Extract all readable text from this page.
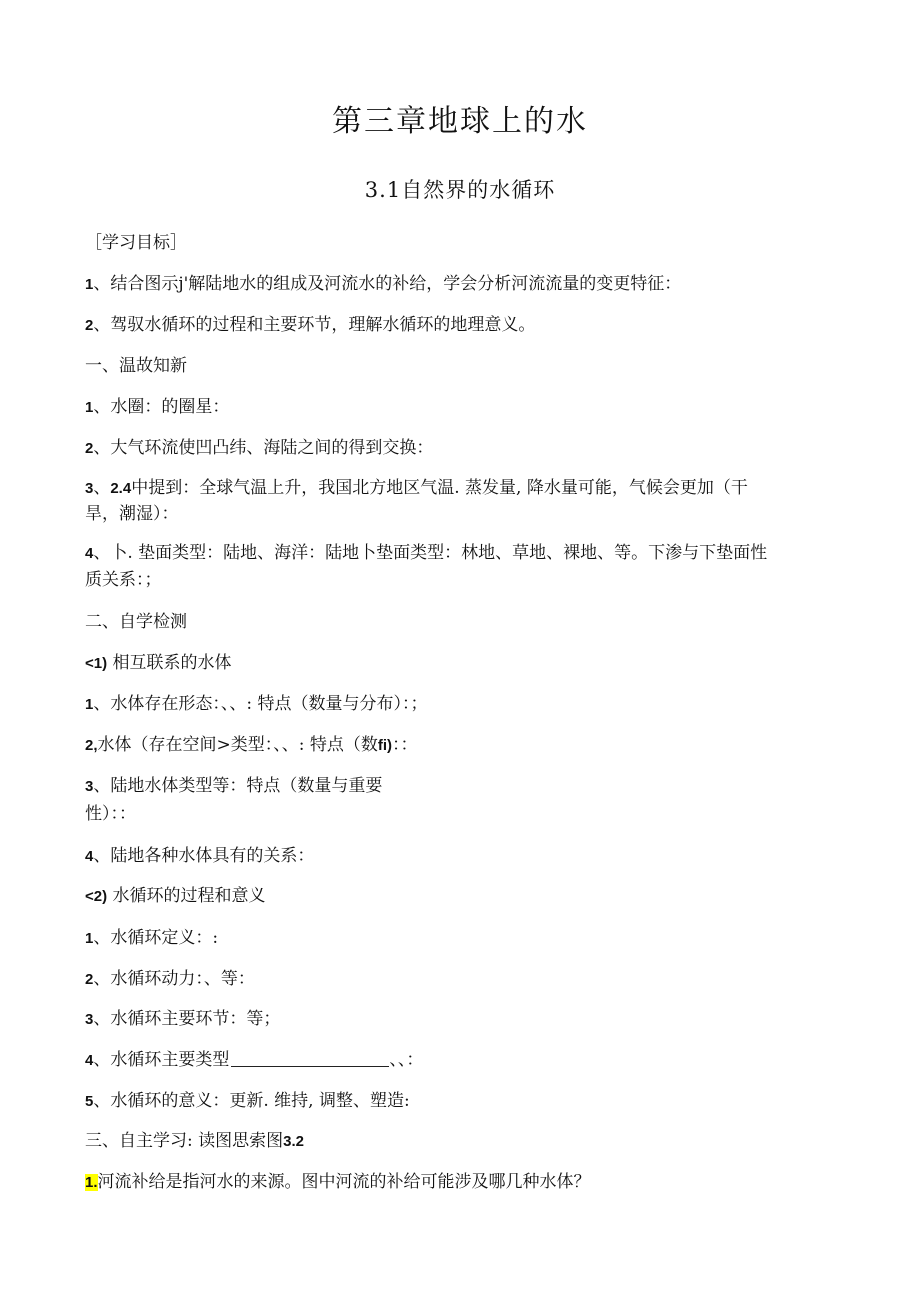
第三章地球上的水
3.1自然界的水循环
［学习目标］
1、结合图示j'解陆地水的组成及河流水的补给，学会分析河流流量的变更特征：
2、驾驭水循环的过程和主要环节，理解水循环的地理意义。
一、温故知新
1、水圈：的圈星：
2、大气环流使凹凸纬、海陆之间的得到交换：
3、2.4中提到：全球气温上升，我国北方地区气温. 蒸发量, 降水量可能，气候会更加（干
旱，潮湿）：
4、卜. 垫面类型：陆地、海洋：陆地卜垫面类型：林地、草地、裸地、等。下渗与下垫面性
质关系：；
二、自学检测
<1) 相互联系的水体
1、水体存在形态：、、: 特点（数量与分布）：；
2,水体（存在空间>类型：、、: 特点（数fi)：：
3、陆地水体类型等：特点（数量与重要
性）：：
4、陆地各种水体具有的关系：
<2) 水循环的过程和意义
1、水循环定义：:
2、水循环动力：、等：
3、水循环主要环节：等；
4、水循环主要类型	、、：
5、水循环的意义：更新. 维持, 调整、塑造:
三、自主学习: 读图思索图3.2
1.河流补给是指河水的来源。图中河流的补给可能涉及哪几种水体？
